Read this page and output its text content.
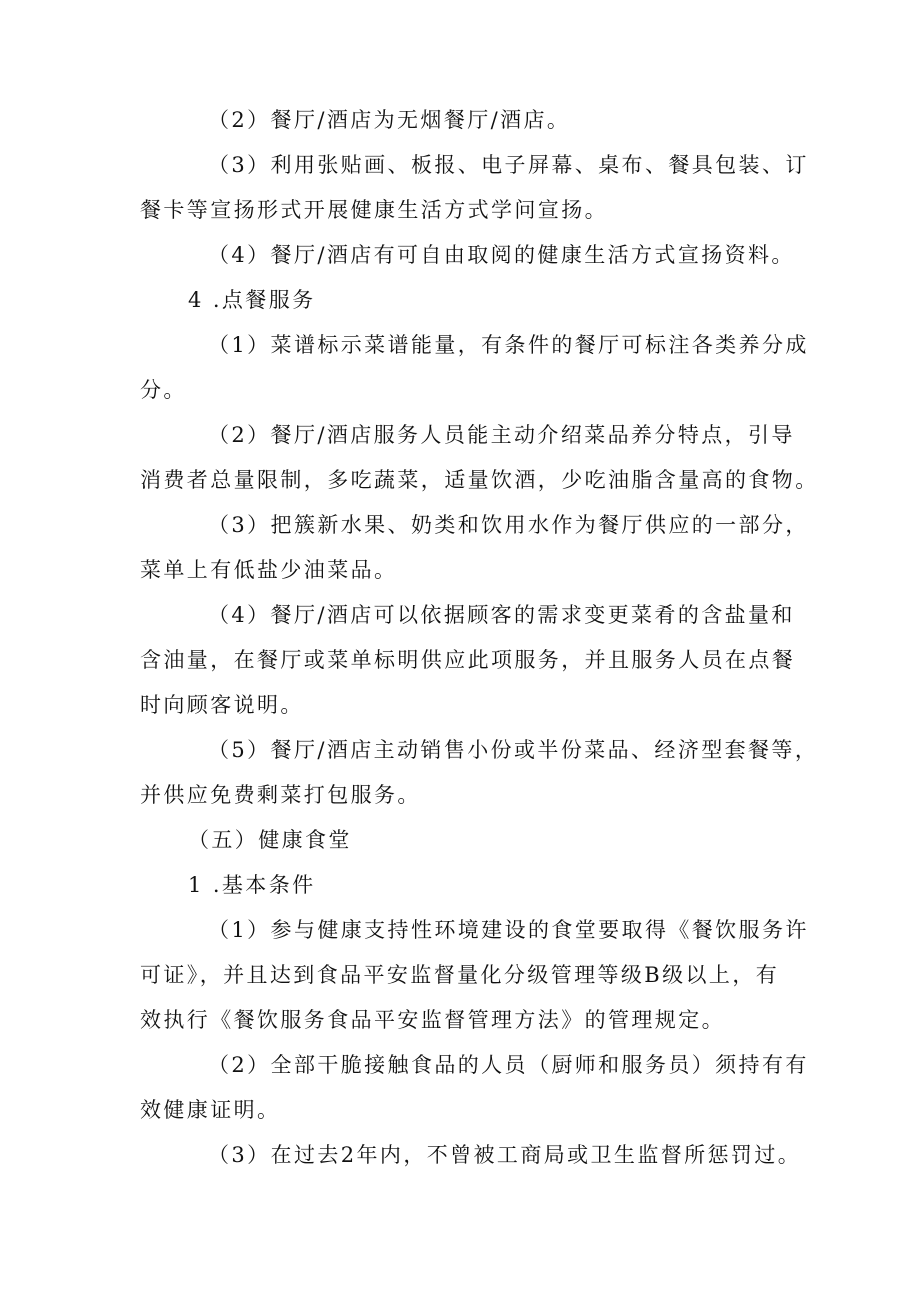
（2）餐厅/酒店为无烟餐厅/酒店。

（3）利用张贴画、板报、电子屏幕、桌布、餐具包装、订
餐卡等宣扬形式开展健康生活方式学问宣扬。

（4）餐厅/酒店有可自由取阅的健康生活方式宣扬资料。

4 .点餐服务

（1）菜谱标示菜谱能量，有条件的餐厅可标注各类养分成
分。

（2）餐厅/酒店服务人员能主动介绍菜品养分特点，引导
消费者总量限制，多吃蔬菜，适量饮酒，少吃油脂含量高的食物。

（3）把簇新水果、奶类和饮用水作为餐厅供应的一部分，
菜单上有低盐少油菜品。

（4）餐厅/酒店可以依据顾客的需求变更菜肴的含盐量和
含油量，在餐厅或菜单标明供应此项服务，并且服务人员在点餐
时向顾客说明。

（5）餐厅/酒店主动销售小份或半份菜品、经济型套餐等，
并供应免费剩菜打包服务。

（五）健康食堂

1 .基本条件

（1）参与健康支持性环境建设的食堂要取得《餐饮服务许
可证》，并且达到食品平安监督量化分级管理等级B级以上，有
效执行《餐饮服务食品平安监督管理方法》的管理规定。

（2）全部干脆接触食品的人员（厨师和服务员）须持有有
效健康证明。

（3）在过去2年内，不曾被工商局或卫生监督所惩罚过。
